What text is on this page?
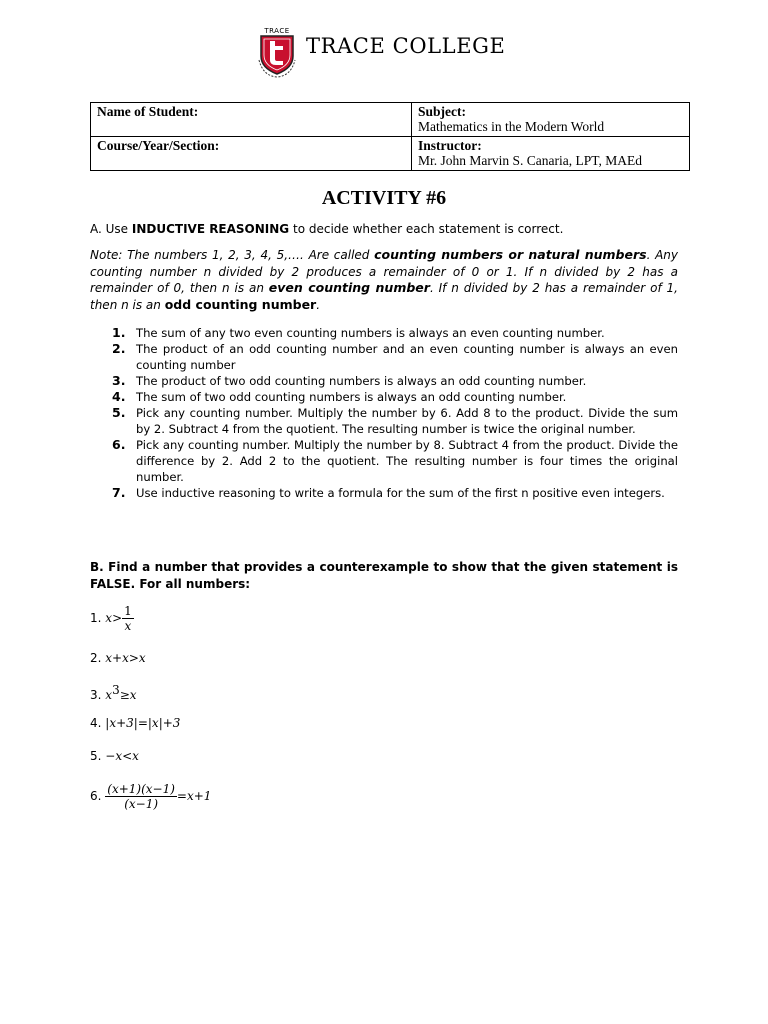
TRACE
TRACE COLLEGE
Name of Student:	Subject:
Mathematics in the Modern World
Course/Year/Section:	Instructor:
Mr. John Marvin S. Canaria, LPT, MAEd
ACTIVITY #6
A. Use INDUCTIVE REASONING to decide whether each statement is correct.
Note: The numbers 1, 2, 3, 4, 5,…. Are called counting numbers or natural numbers. Any counting number n divided by 2 produces a remainder of 0 or 1. If n divided by 2 has a remainder of 0, then n is an even counting number. If n divided by 2 has a remainder of 1, then n is an odd counting number.
1. The sum of any two even counting numbers is always an even counting number.
2. The product of an odd counting number and an even counting number is always an even counting number
3. The product of two odd counting numbers is always an odd counting number.
4. The sum of two odd counting numbers is always an odd counting number.
5. Pick any counting number. Multiply the number by 6. Add 8 to the product. Divide the sum by 2. Subtract 4 from the quotient. The resulting number is twice the original number.
6. Pick any counting number. Multiply the number by 8. Subtract 4 from the product. Divide the difference by 2. Add 2 to the quotient. The resulting number is four times the original number.
7. Use inductive reasoning to write a formula for the sum of the first n positive even integers.
B. Find a number that provides a counterexample to show that the given statement is FALSE. For all numbers:
1. $x> \frac{1}{x}$
2. x+x>x
3. $x^3\ge x$
4. |x+3|=|x|+3
5. −x<x
6. $\frac{(x+1)(x-1)}{(x-1)} =x+1$
